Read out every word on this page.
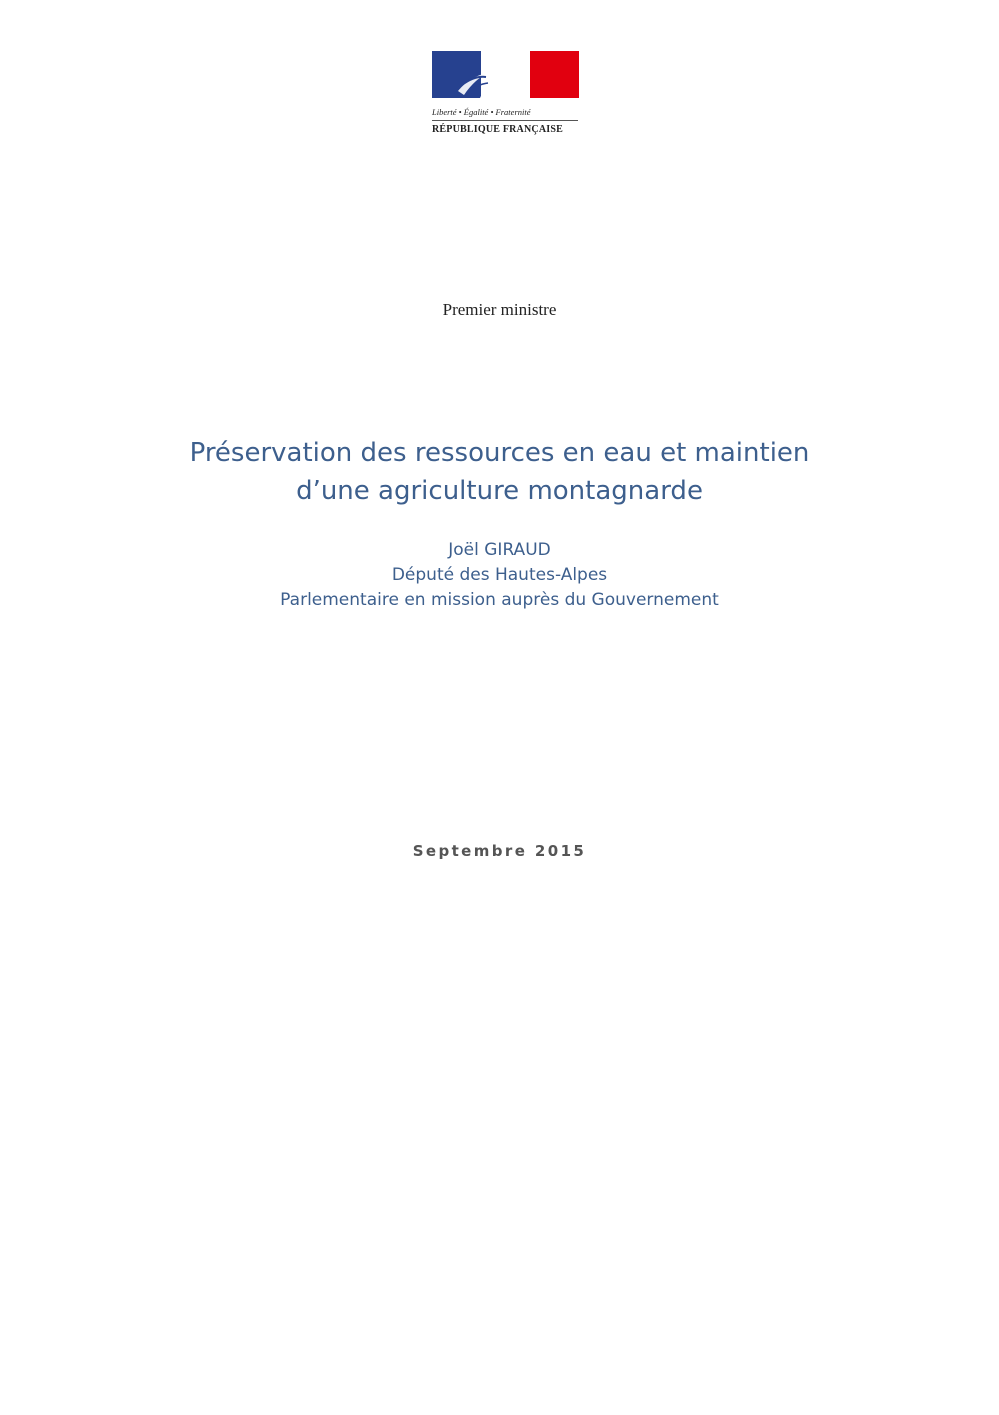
Liberté • Égalité • Fraternité
RÉPUBLIQUE FRANÇAISE
Premier ministre
Préservation des ressources en eau et maintien
d’une agriculture montagnarde
Joël GIRAUD
Député des Hautes-Alpes
Parlementaire en mission auprès du Gouvernement
Septembre 2015
